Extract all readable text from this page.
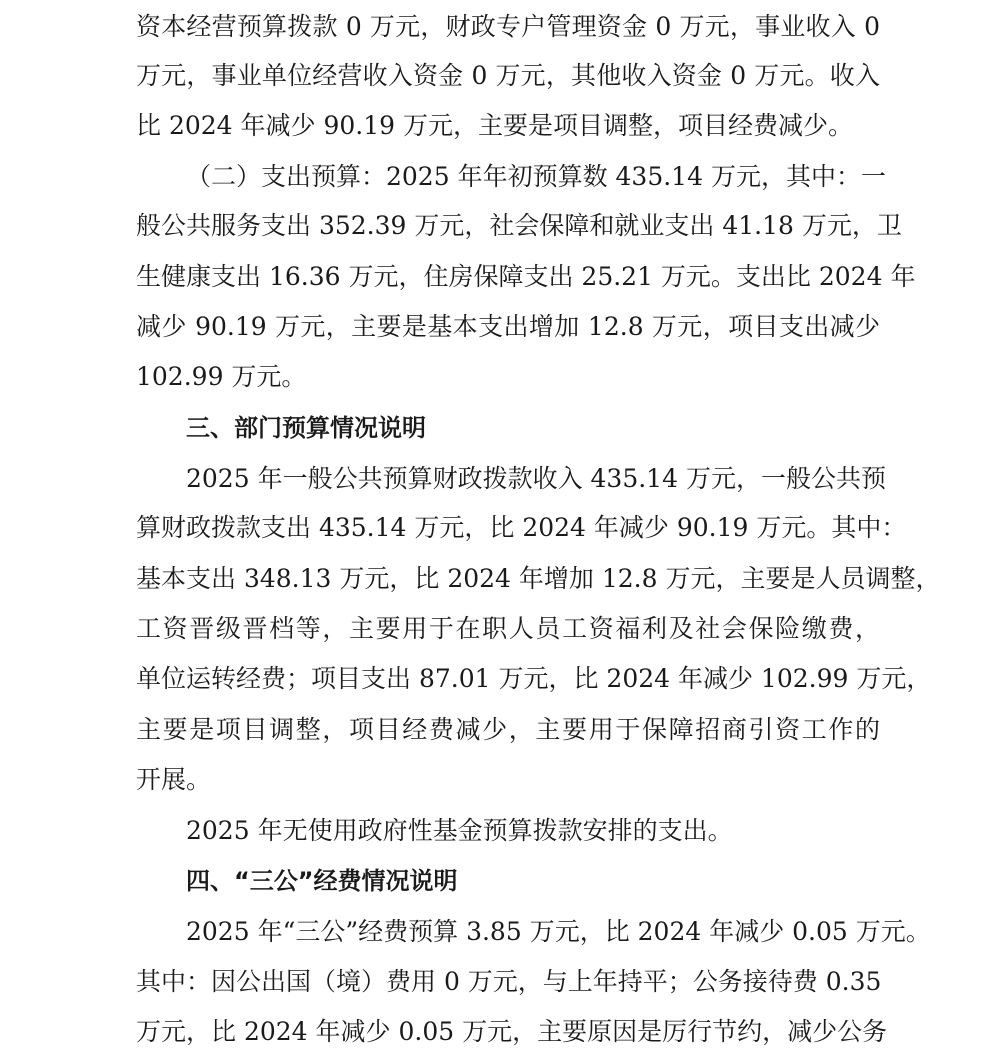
资本经营预算拨款 0 万元，财政专户管理资金 0 万元，事业收入 0
万元，事业单位经营收入资金 0 万元，其他收入资金 0 万元。收入
比 2024 年减少 90.19 万元，主要是项目调整，项目经费减少。
（二）支出预算：2025 年年初预算数 435.14 万元，其中：一
般公共服务支出 352.39 万元，社会保障和就业支出 41.18 万元，卫
生健康支出 16.36 万元，住房保障支出 25.21 万元。支出比 2024 年
减少 90.19 万元，主要是基本支出增加 12.8 万元，项目支出减少
102.99 万元。
三、部门预算情况说明
2025 年一般公共预算财政拨款收入 435.14 万元，一般公共预
算财政拨款支出 435.14 万元，比 2024 年减少 90.19 万元。其中：
基本支出 348.13 万元，比 2024 年增加 12.8 万元，主要是人员调整，
工资晋级晋档等，主要用于在职人员工资福利及社会保险缴费，
单位运转经费；项目支出 87.01 万元，比 2024 年减少 102.99 万元，
主要是项目调整，项目经费减少，主要用于保障招商引资工作的
开展。
2025 年无使用政府性基金预算拨款安排的支出。
四、“三公”经费情况说明
2025 年“三公”经费预算 3.85 万元，比 2024 年减少 0.05 万元。
其中：因公出国（境）费用 0 万元，与上年持平；公务接待费 0.35
万元，比 2024 年减少 0.05 万元，主要原因是厉行节约，减少公务
